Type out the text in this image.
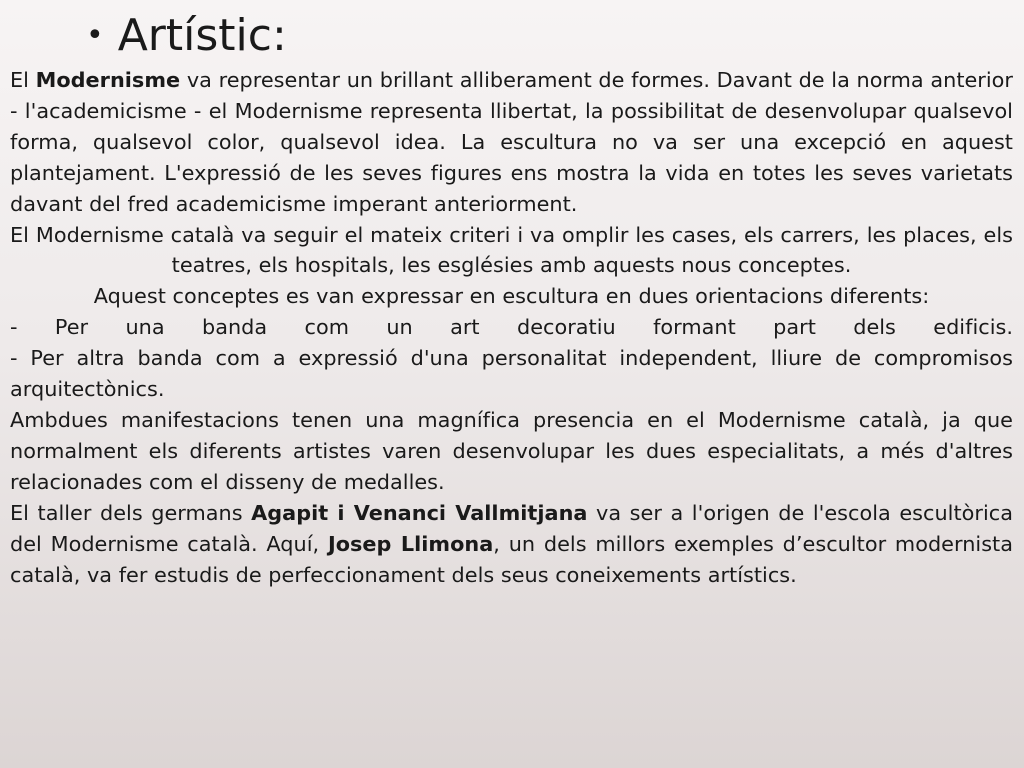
• Artístic:

El Modernisme va representar un brillant alliberament de formes. Davant de la norma anterior - l'academicisme - el Modernisme representa llibertat, la possibilitat de desenvolupar qualsevol forma, qualsevol color, qualsevol idea. La escultura no va ser una excepció en aquest plantejament. L'expressió de les seves figures ens mostra la vida en totes les seves varietats davant del fred academicisme imperant anteriorment.

El Modernisme català va seguir el mateix criteri i va omplir les cases, els carrers, les places, els teatres, els hospitals, les esglésies amb aquests nous conceptes.

Aquest conceptes es van expressar en escultura en dues orientacions diferents:

- Per una banda com un art decoratiu formant part dels edificis.

- Per altra banda com a expressió d'una personalitat independent, lliure de compromisos arquitectònics.

Ambdues manifestacions tenen una magnífica presencia en el Modernisme català, ja que normalment els diferents artistes varen desenvolupar les dues especialitats, a més d'altres relacionades com el disseny de medalles.

El taller dels germans Agapit i Venanci Vallmitjana va ser a l'origen de l'escola escultòrica del Modernisme català. Aquí, Josep Llimona, un dels millors exemples d’escultor modernista català, va fer estudis de perfeccionament dels seus coneixements artístics.
